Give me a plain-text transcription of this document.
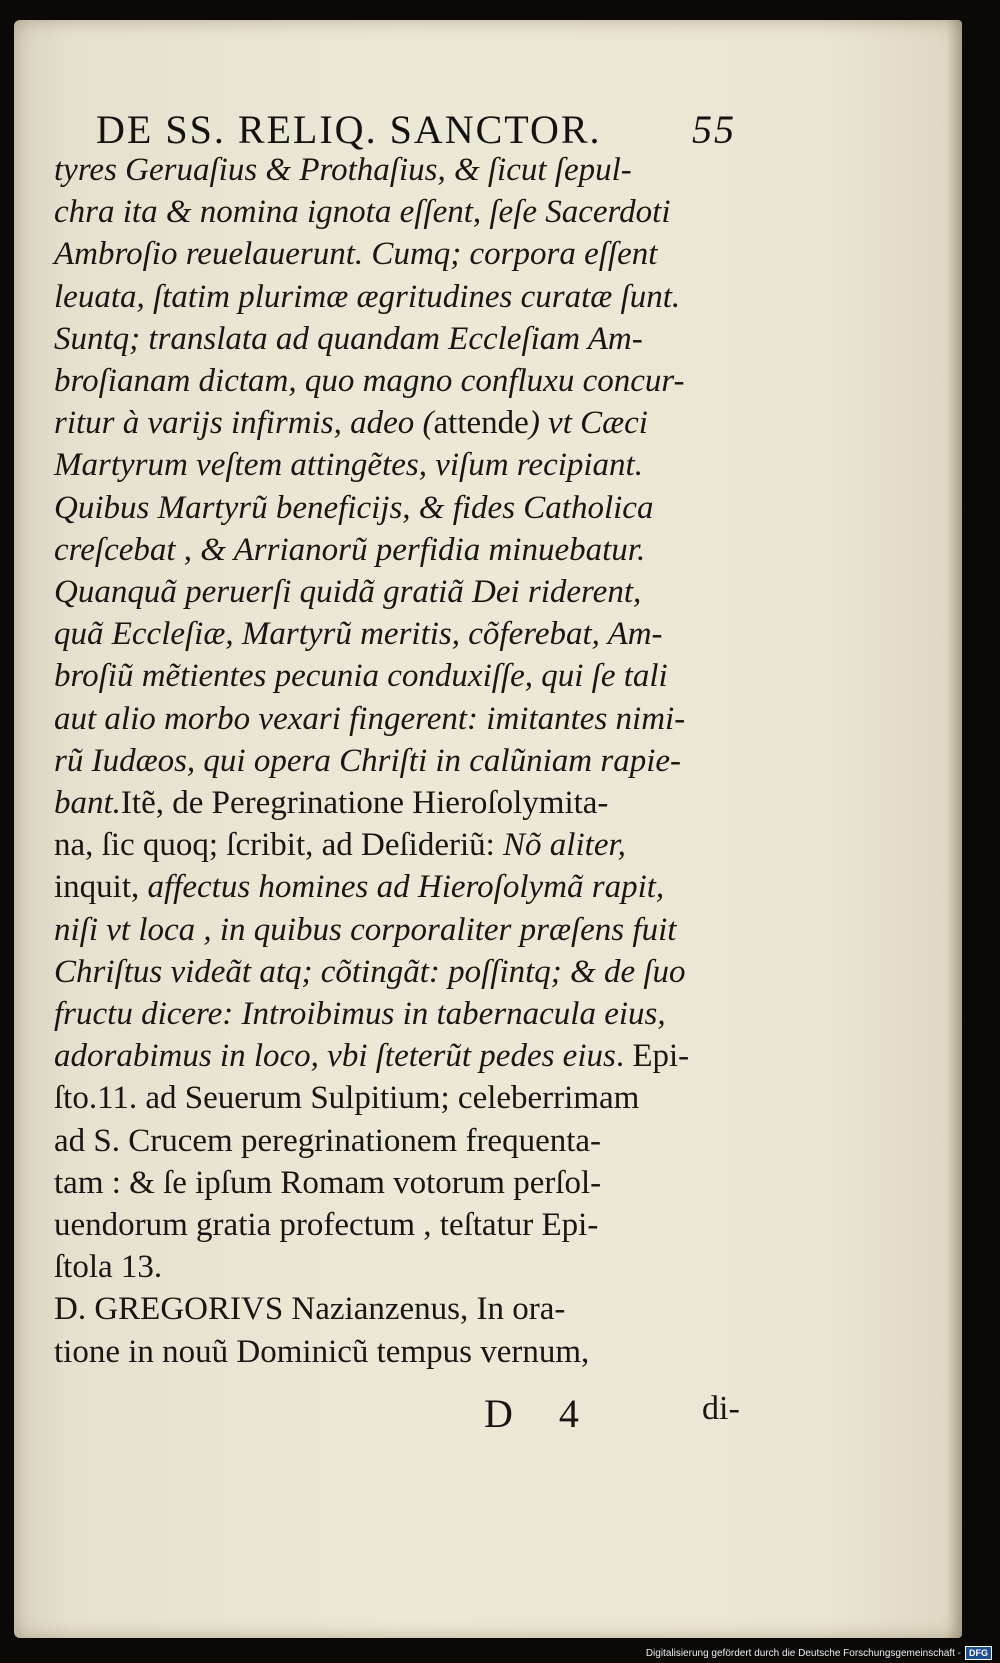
DE SS. RELIQ. SANCTOR. 55
tyres Geruaſius & Prothaſius, & ſicut ſepul-
chra ita & nomina ignota eſſent, ſeſe Sacerdoti
Ambroſio reuelauerunt. Cumq; corpora eſſent
leuata, ſtatim plurimæ ægritudines curatæ ſunt.
Suntq; translata ad quandam Eccleſiam Am-
broſianam dictam, quo magno confluxu concur-
ritur à varijs infirmis, adeo (attende) vt Cæci
Martyrum veſtem attingẽtes, viſum recipiant.
Quibus Martyrũ beneficijs, & fides Catholica
creſcebat , & Arrianorũ perfidia minuebatur.
Quanquã peruerſi quidã gratiã Dei riderent,
quã Eccleſiæ, Martyrũ meritis, cõferebat, Am-
broſiũ mẽtientes pecunia conduxiſſe, qui ſe tali
aut alio morbo vexari fingerent: imitantes nimi-
rũ Iudæos, qui opera Chriſti in calũniam rapie-
bant.Itẽ, de Peregrinatione Hieroſolymita-
na, ſic quoq; ſcribit, ad Deſideriũ: Nõ aliter,
inquit, affectus homines ad Hieroſolymã rapit,
niſi vt loca , in quibus corporaliter præſens fuit
Chriſtus videãt atq; cõtingãt: poſſintq; & de ſuo
fructu dicere: Introibimus in tabernacula eius,
adorabimus in loco, vbi ſteterũt pedes eius. Epi-
ſto.11. ad Seuerum Sulpitium; celeberrimam
ad S. Crucem peregrinationem frequenta-
tam : & ſe ipſum Romam votorum perſol-
uendorum gratia profectum , teſtatur Epi-
ſtola 13.
D. GREGORIVS Nazianzenus, In ora-
tione in nouũ Dominicũ tempus vernum,
D 4	di-
Digitalisierung gefördert durch die Deutsche Forschungsgemeinschaft - DFG
